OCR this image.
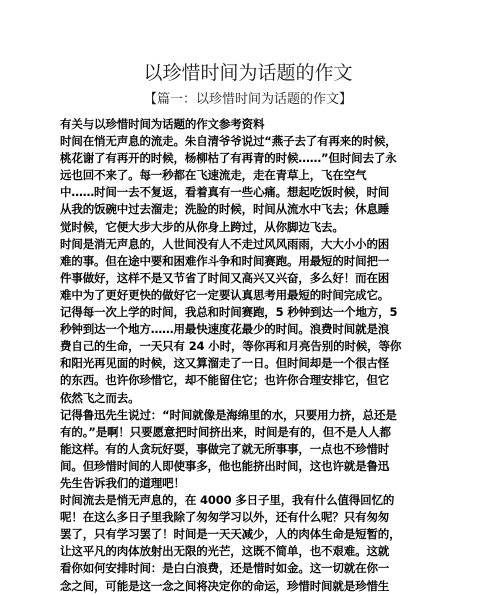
以珍惜时间为话题的作文
【篇一：以珍惜时间为话题的作文】

有关与以珍惜时间为话题的作文参考资料

时间在悄无声息的流走。朱自清爷爷说过“燕子去了有再来的时候，

桃花谢了有再开的时候，杨柳枯了有再青的时候……”但时间去了永

远也回不来了。每一秒都在飞速流走，走在青草上，飞在空气

中……时间一去不复返，看着真有一些心痛。想起吃饭时候，时间

从我的饭碗中过去溜走；洗脸的时候，时间从流水中飞去；休息睡

觉时候，它便大步大步的从你身上跨过，从你脚边飞去。

时间是消无声息的，人世间没有人不走过风风雨雨，大大小小的困

难的事。但在途中要和困难作斗争和时间赛跑。用最短的时间把一

件事做好，这样不是又节省了时间又高兴又兴奋，多么好！而在困

难中为了更好更快的做好它一定要认真思考用最短的时间完成它。

记得每一次上学的时间，我总和时间赛跑，5 秒钟到达一个地方，5

秒钟到达一个地方……用最快速度花最少的时间。浪费时间就是浪

费自己的生命，一天只有 24 小时，等你再和月亮告别的时候，等你

和阳光再见面的时候，这又算溜走了一日。但时间却是一个很古怪

的东西。也许你珍惜它，却不能留住它；也许你合理安排它，但它

依然飞之而去。

记得鲁迅先生说过：“时间就像是海绵里的水，只要用力挤，总还是

有的。”是啊！只要愿意把时间挤出来，时间是有的，但不是人人都

能这样。有的人贪玩好耍，事做完了就无所事事，一点也不珍惜时

间。但珍惜时间的人即使事多，他也能挤出时间，这也许就是鲁迅

先生告诉我们的道理吧！

时间流去是悄无声息的，在 4000 多日子里，我有什么值得回忆的

呢！在这么多日子里我除了匆匆学习以外，还有什么呢？只有匆匆

罢了，只有学习罢了！时间是一天天减少，人的肉体生命是短暂的，

让这平凡的肉体放射出无限的光芒，这既不简单，也不艰难。这就

看你如何安排时间：是白白浪费，还是惜时如金。这一切就在你一

念之间，可能是这一念之间将决定你的命运，珍惜时间就是珍惜生
